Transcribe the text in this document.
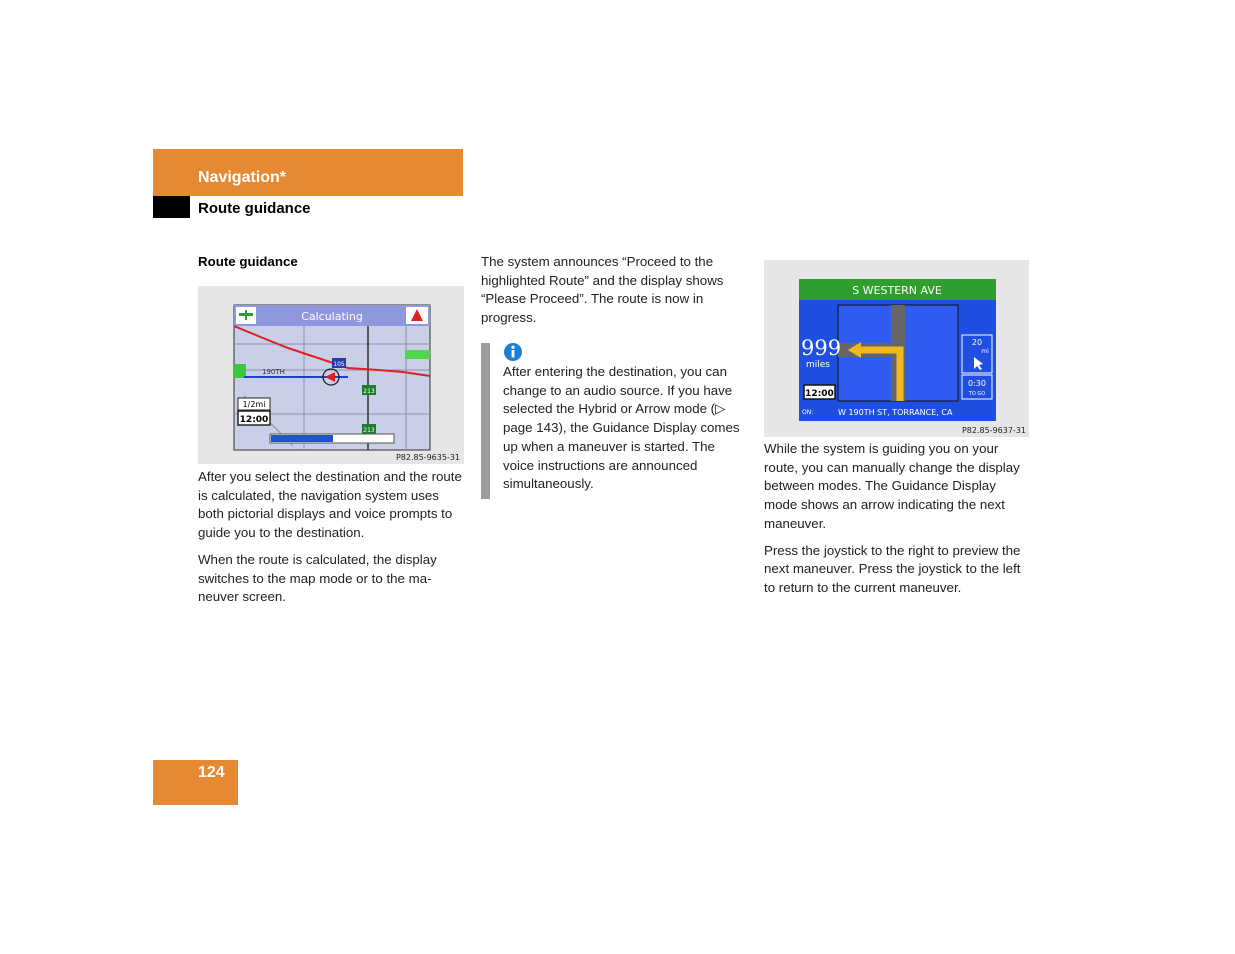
Navigation*
Route guidance

Route guidance

Calculating
105
213
213
190TH
1/2mi
12:00
P82.85-9635-31

After you select the destination and the route is calculated, the navigation system uses both pictorial displays and voice prompts to guide you to the destination.

When the route is calculated, the display switches to the map mode or to the ma-neuver screen.

The system announces “Proceed to the highlighted Route” and the display shows “Please Proceed”. The route is now in progress.

After entering the destination, you can change to an audio source. If you have selected the Hybrid or Arrow mode (▷ page 143), the Guidance Display comes up when a maneuver is started. The voice instructions are announced simultaneously.
S WESTERN AVE
999
miles
12:00
20
mi
0:30
TO GO
ON:	W 190TH ST, TORRANCE, CA
P82.85-9637-31

While the system is guiding you on your route, you can manually change the display between modes. The Guidance Display mode shows an arrow indicating the next maneuver.

Press the joystick to the right to preview the next maneuver. Press the joystick to the left to return to the current maneuver.

124
